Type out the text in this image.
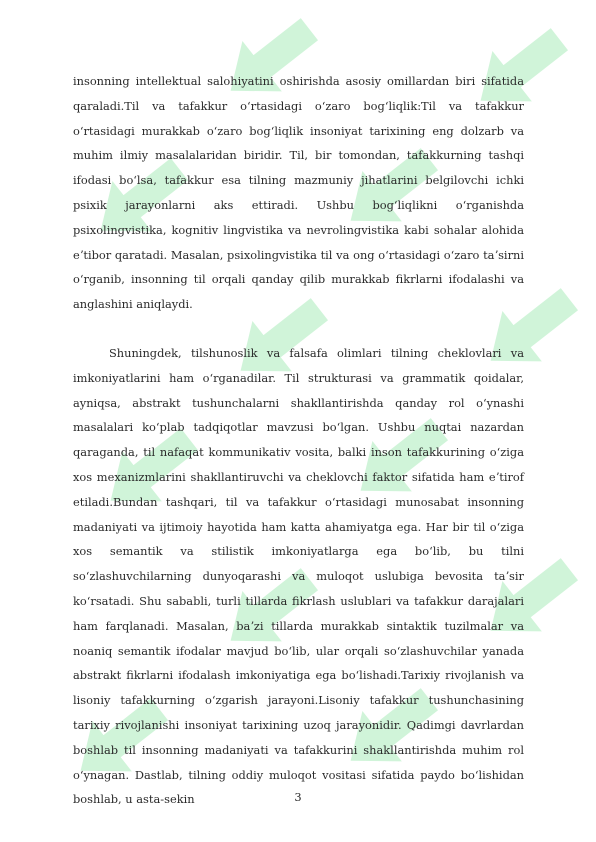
insonning intellektual salohiyatini oshirishda asosiy omillardan biri sifatida qaraladi.Til va tafakkur oʻrtasidagi oʻzaro bogʻliqlik:Til va tafakkur oʻrtasidagi murakkab oʻzaro bogʻliqlik insoniyat tarixining eng dolzarb va muhim ilmiy masalalaridan biridir. Til, bir tomondan, tafakkurning tashqi ifodasi boʻlsa, tafakkur esa tilning mazmuniy jihatlarini belgilovchi ichki psixik jarayonlarni aks ettiradi. Ushbu bogʻliqlikni oʻrganishda psixolingvistika, kognitiv lingvistika va nevrolingvistika kabi sohalar alohida eʼtibor qaratadi. Masalan, psixolingvistika til va ong oʻrtasidagi oʻzaro taʼsirni oʻrganib, insonning til orqali qanday qilib murakkab fikrlarni ifodalashi va anglashini aniqlaydi.

Shuningdek, tilshunoslik va falsafa olimlari tilning cheklovlari va imkoniyatlarini ham oʻrganadilar. Til strukturasi va grammatik qoidalar, ayniqsa, abstrakt tushunchalarni shakllantirishda qanday rol oʻynashi masalalari koʻplab tadqiqotlar mavzusi boʻlgan. Ushbu nuqtai nazardan qaraganda, til nafaqat kommunikativ vosita, balki inson tafakkurining oʻziga xos mexanizmlarini shakllantiruvchi va cheklovchi faktor sifatida ham eʼtirof etiladi.Bundan tashqari, til va tafakkur oʻrtasidagi munosabat insonning madaniyati va ijtimoiy hayotida ham katta ahamiyatga ega. Har bir til oʻziga xos semantik va stilistik imkoniyatlarga ega boʻlib, bu tilni soʻzlashuvchilarning dunyoqarashi va muloqot uslubiga bevosita taʼsir koʻrsatadi. Shu sababli, turli tillarda fikrlash uslublari va tafakkur darajalari ham farqlanadi. Masalan, baʼzi tillarda murakkab sintaktik tuzilmalar va noaniq semantik ifodalar mavjud boʻlib, ular orqali soʻzlashuvchilar yanada abstrakt fikrlarni ifodalash imkoniyatiga ega boʻlishadi.Tarixiy rivojlanish va lisoniy tafakkurning oʻzgarish jarayoni.Lisoniy tafakkur tushunchasining tarixiy rivojlanishi insoniyat tarixining uzoq jarayonidir. Qadimgi davrlardan boshlab til insonning madaniyati va tafakkurini shakllantirishda muhim rol oʻynagan. Dastlab, tilning oddiy muloqot vositasi sifatida paydo boʻlishidan boshlab, u asta-sekin	3
